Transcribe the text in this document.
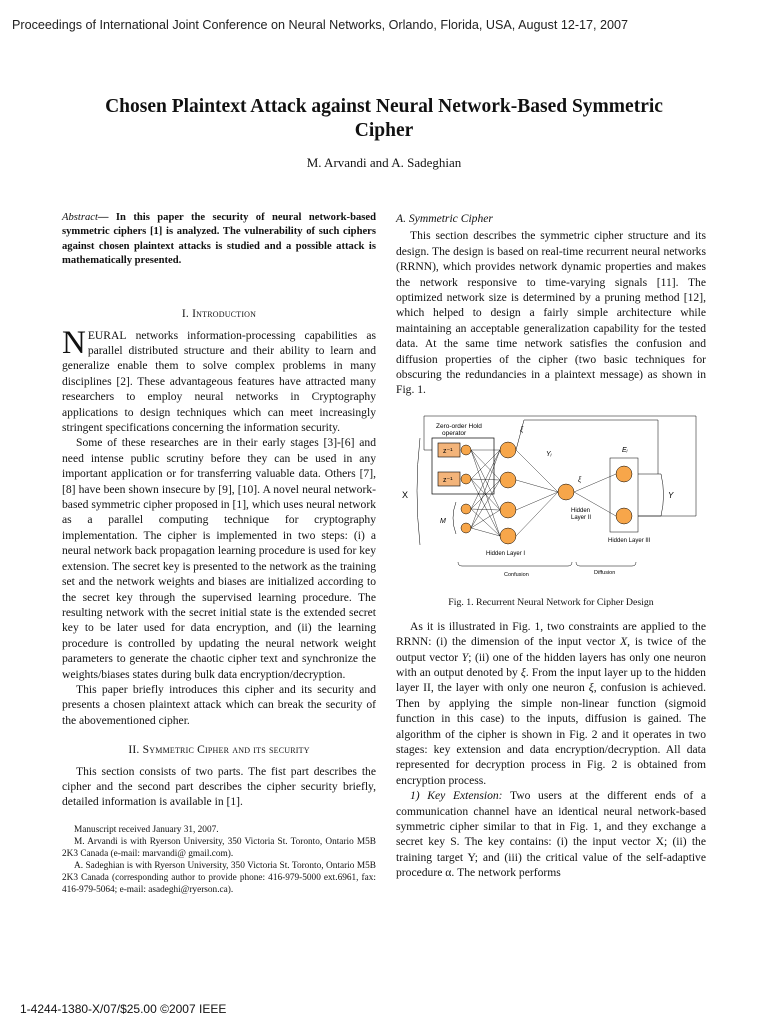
Proceedings of International Joint Conference on Neural Networks, Orlando, Florida, USA, August 12-17, 2007
Chosen Plaintext Attack against Neural Network-Based Symmetric
Cipher
M. Arvandi and A. Sadeghian

Abstract— In this paper the security of neural network-based symmetric ciphers [1] is analyzed. The vulnerability of such ciphers against chosen plaintext attacks is studied and a possible attack is mathematically presented.

I. Introduction

NEURAL networks information-processing capabilities as parallel distributed structure and their ability to learn and generalize enable them to solve complex problems in many disciplines [2]. These advantageous features have attracted many researchers to employ neural networks in Cryptography applications to design techniques which can meet increasingly stringent specifications concerning the information security.

Some of these researches are in their early stages [3]-[6] and need intense public scrutiny before they can be used in any important application or for transferring valuable data. Others [7], [8] have been shown insecure by [9], [10]. A novel neural network-based symmetric cipher proposed in [1], which uses neural network as a parallel computing technique for cryptography implementation. The cipher is implemented in two steps: (i) a neural network back propagation learning procedure is used for key extension. The secret key is presented to the network as the training set and the network weights and biases are initialized according to the secret key through the supervised learning procedure. The resulting network with the secret initial state is the extended secret key to be later used for data encryption, and (ii) the learning procedure is controlled by updating the neural network weight parameters to generate the chaotic cipher text and synchronize the weights/biases states during bulk data encryption/decryption.

This paper briefly introduces this cipher and its security and presents a chosen plaintext attack which can break the security of the abovementioned cipher.

II. Symmetric Cipher and its security

This section consists of two parts. The fist part describes the cipher and the second part describes the cipher security briefly, detailed information is available in [1].

Manuscript received January 31, 2007.

M. Arvandi is with Ryerson University, 350 Victoria St. Toronto, Ontario M5B 2K3 Canada (e-mail: marvandi@ gmail.com).

A. Sadeghian is with Ryerson University, 350 Victoria St. Toronto, Ontario M5B 2K3 Canada (corresponding author to provide phone: 416-979-5000 ext.6961, fax: 416-979-5064; e-mail: asadeghi@ryerson.ca).

A. Symmetric Cipher

This section describes the symmetric cipher structure and its design. The design is based on real-time recurrent neural networks (RRNN), which provides network dynamic properties and makes the network responsive to time-varying signals [11]. The optimized network size is determined by a pruning method [12], which helped to design a fairly simple architecture while maintaining an acceptable generalization capability for the tested data. At the same time network satisfies the confusion and diffusion properties of the cipher (two basic techniques for obscuring the redundancies in a plaintext message) as shown in Fig. 1.

Zero-order Hold
operator
z⁻¹
z⁻¹
Y
ξ
ξ
Yᵢ
Eᵢ
X
M
Hidden Layer I
Hidden
Layer II
Hidden Layer III
Confusion	Diffusion
Fig. 1. Recurrent Neural Network for Cipher Design

As it is illustrated in Fig. 1, two constraints are applied to the RRNN: (i) the dimension of the input vector X, is twice of the output vector Y; (ii) one of the hidden layers has only one neuron with an output denoted by ξ. From the input layer up to the hidden layer II, the layer with only one neuron ξ, confusion is achieved. Then by applying the simple non-linear function (sigmoid function in this case) to the inputs, diffusion is gained. The algorithm of the cipher is shown in Fig. 2 and it operates in two stages: key extension and data encryption/decryption. All data represented for decryption process in Fig. 2 is obtained from encryption process.

1) Key Extension: Two users at the different ends of a communication channel have an identical neural network-based symmetric cipher similar to that in Fig. 1, and they exchange a secret key S. The key contains: (i) the input vector X; (ii) the training target Y; and (iii) the critical value of the self-adaptive procedure α. The network performs

1-4244-1380-X/07/$25.00 ©2007 IEEE
